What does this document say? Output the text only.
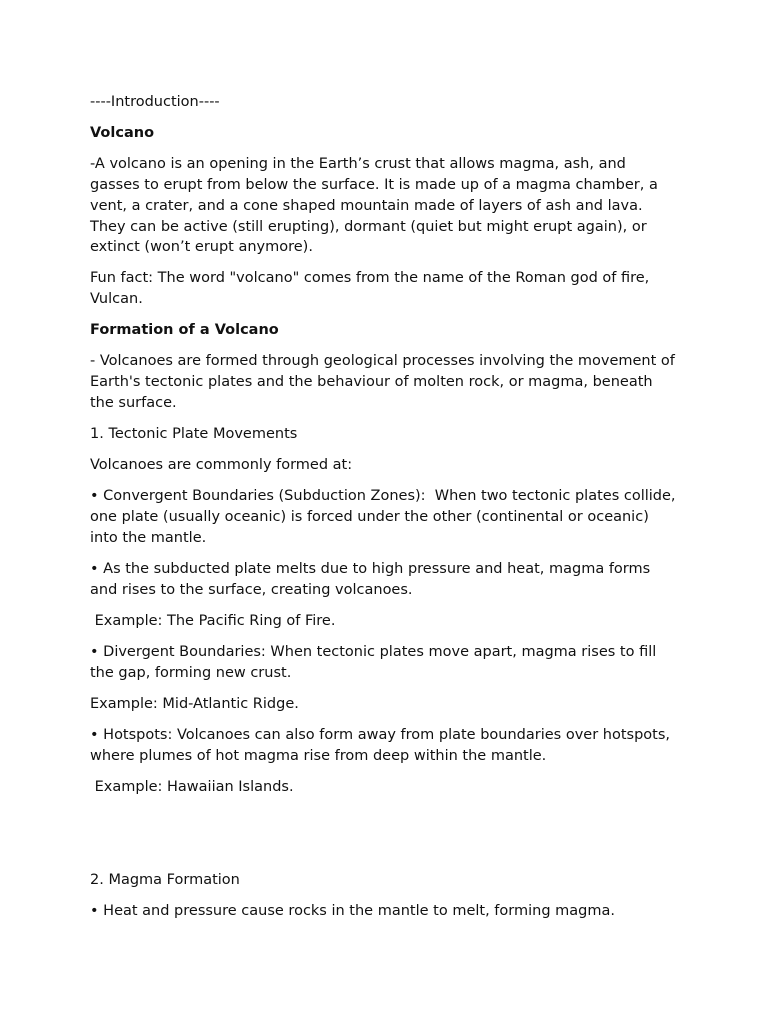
----Introduction----

Volcano

-A volcano is an opening in the Earth’s crust that allows magma, ash, and gasses to erupt from below the surface. It is made up of a magma chamber, a vent, a crater, and a cone shaped mountain made of layers of ash and lava. They can be active (still erupting), dormant (quiet but might erupt again), or extinct (won’t erupt anymore).

Fun fact: The word "volcano" comes from the name of the Roman god of fire, Vulcan.

Formation of a Volcano

- Volcanoes are formed through geological processes involving the movement of Earth's tectonic plates and the behaviour of molten rock, or magma, beneath the surface.

1. Tectonic Plate Movements

Volcanoes are commonly formed at:

• Convergent Boundaries (Subduction Zones):  When two tectonic plates collide, one plate (usually oceanic) is forced under the other (continental or oceanic) into the mantle.

• As the subducted plate melts due to high pressure and heat, magma forms and rises to the surface, creating volcanoes.

Example: The Pacific Ring of Fire.

• Divergent Boundaries: When tectonic plates move apart, magma rises to fill the gap, forming new crust.

Example: Mid-Atlantic Ridge.

• Hotspots: Volcanoes can also form away from plate boundaries over hotspots, where plumes of hot magma rise from deep within the mantle.

Example: Hawaiian Islands.

2. Magma Formation

• Heat and pressure cause rocks in the mantle to melt, forming magma.
